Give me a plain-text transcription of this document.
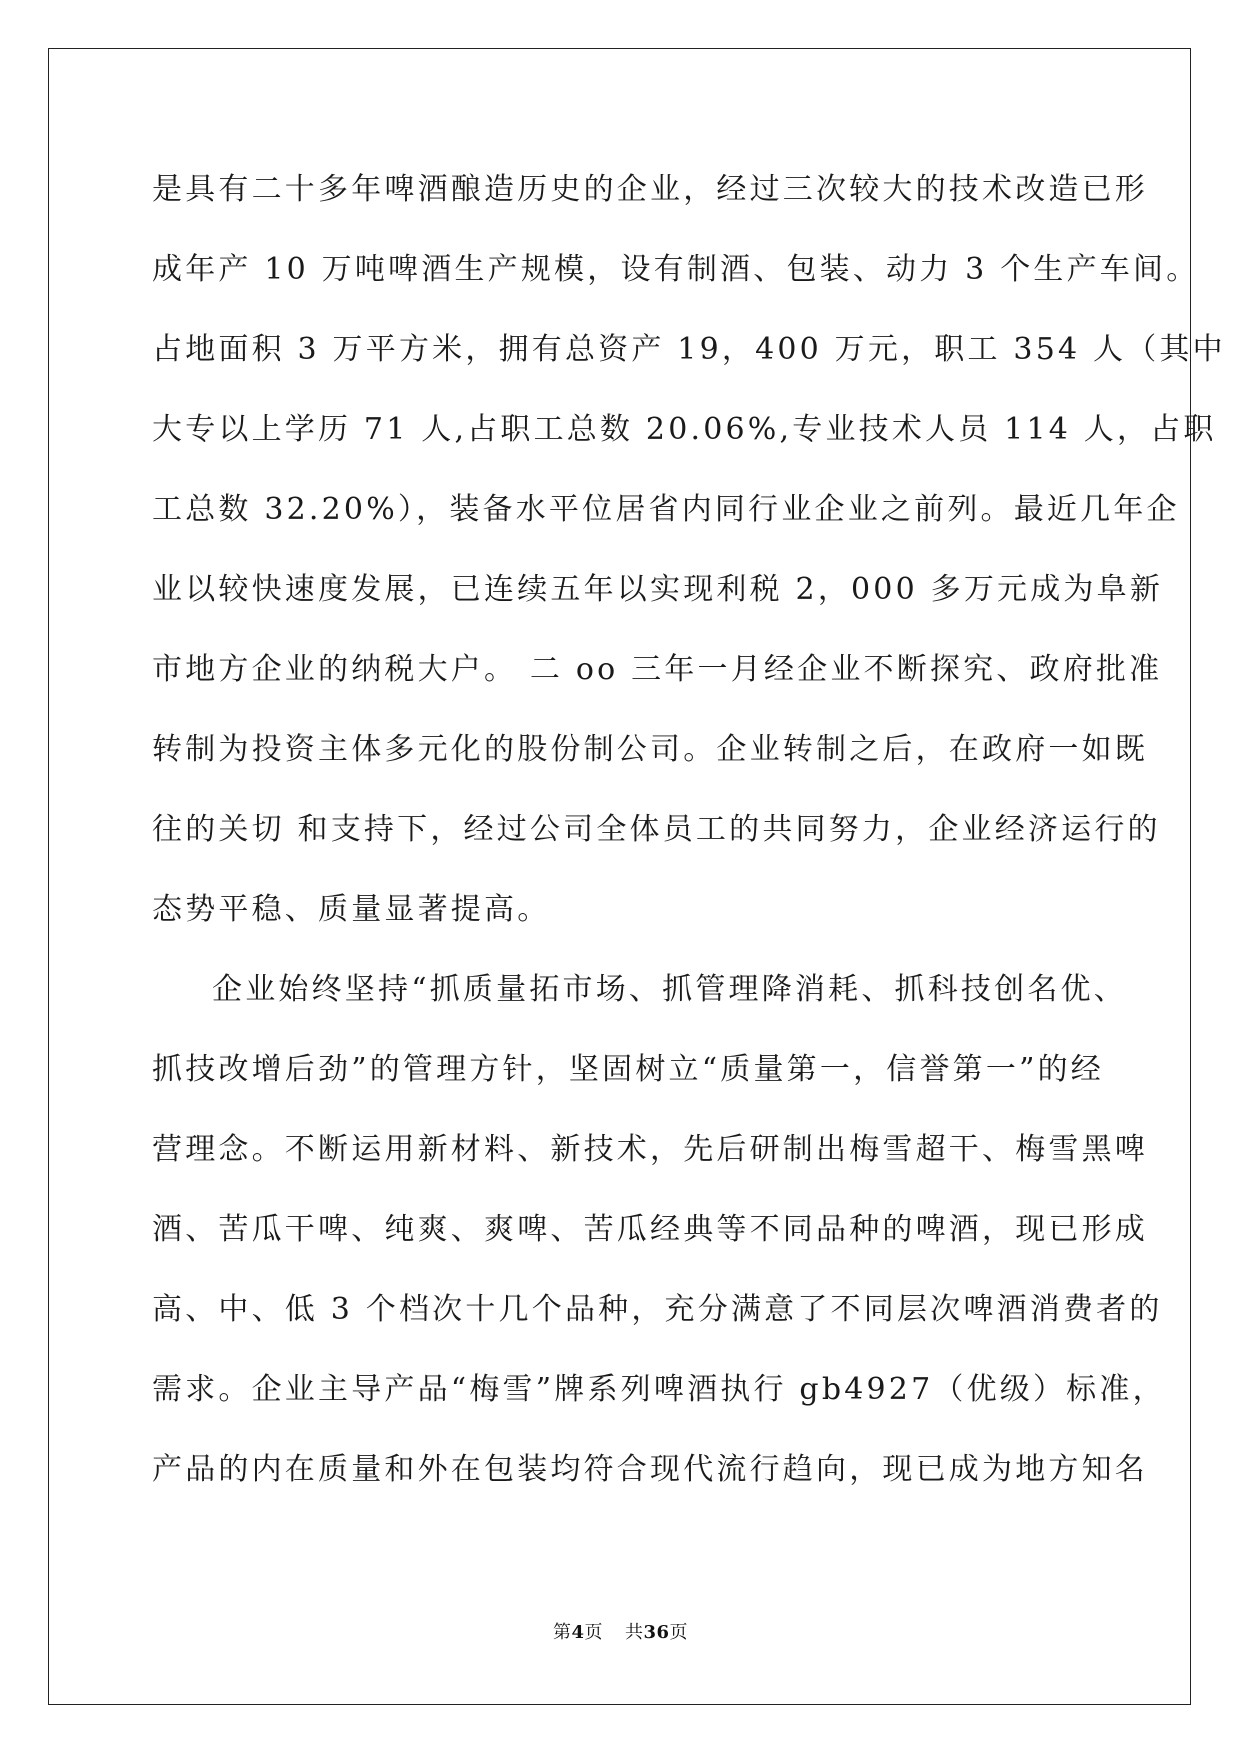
是具有二十多年啤酒酿造历史的企业，经过三次较大的技术改造已形
成年产 10 万吨啤酒生产规模，设有制酒、包装、动力 3 个生产车间。
占地面积 3 万平方米，拥有总资产 19，400 万元，职工 354 人（其中
大专以上学历 71 人,占职工总数 20.06%,专业技术人员 114 人，占职
工总数 32.20%），装备水平位居省内同行业企业之前列。最近几年企
业以较快速度发展，已连续五年以实现利税 2，000 多万元成为阜新
市地方企业的纳税大户。 二 oo 三年一月经企业不断探究、政府批准
转制为投资主体多元化的股份制公司。企业转制之后，在政府一如既
往的关切 和支持下，经过公司全体员工的共同努力，企业经济运行的
态势平稳、质量显著提高。
企业始终坚持“抓质量拓市场、抓管理降消耗、抓科技创名优、
抓技改增后劲”的管理方针，坚固树立“质量第一，信誉第一”的经
营理念。不断运用新材料、新技术，先后研制出梅雪超干、梅雪黑啤
酒、苦瓜干啤、纯爽、爽啤、苦瓜经典等不同品种的啤酒，现已形成
高、中、低 3 个档次十几个品种，充分满意了不同层次啤酒消费者的
需求。企业主导产品“梅雪”牌系列啤酒执行 gb4927（优级）标准，
产品的内在质量和外在包装均符合现代流行趋向，现已成为地方知名
第4页 共36页
